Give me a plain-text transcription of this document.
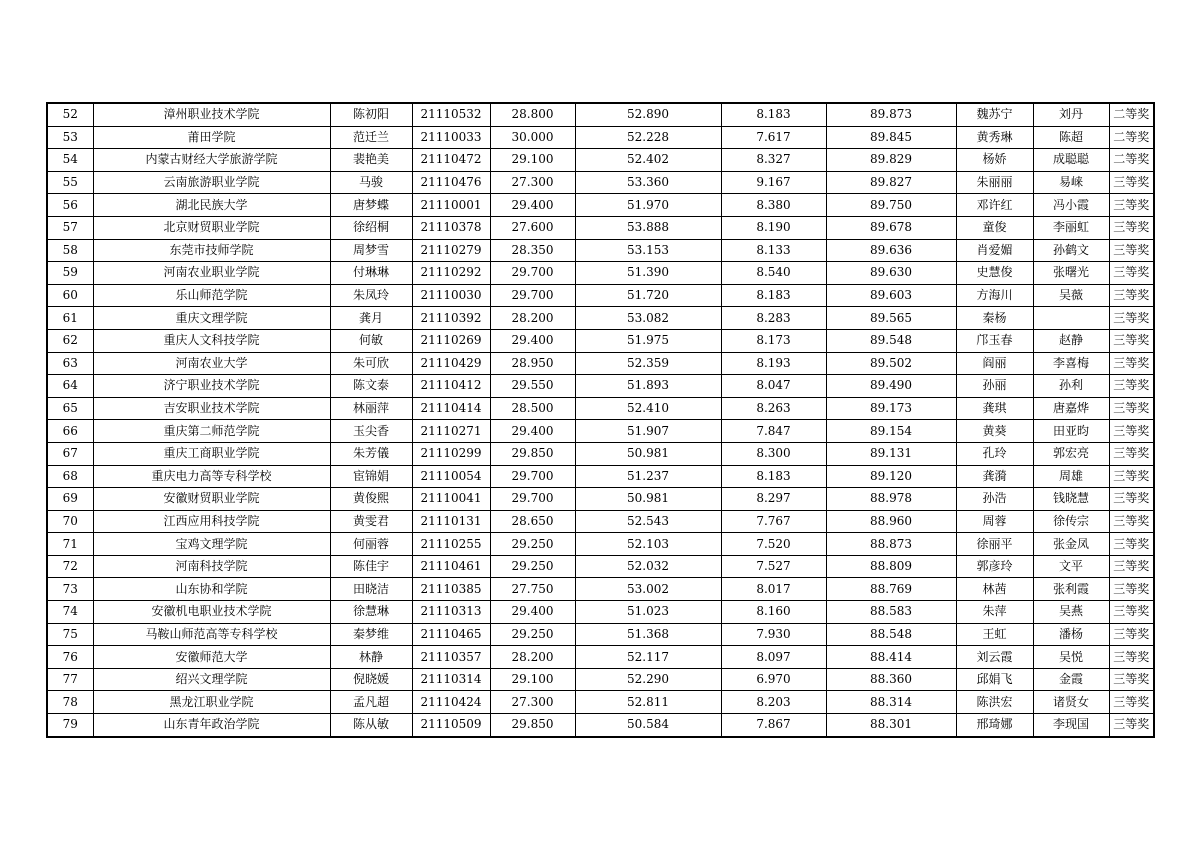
52	漳州职业技术学院	陈初阳	21110532	28.800	52.890	8.183	89.873	魏苏宁	刘丹	二等奖
53	莆田学院	范迁兰	21110033	30.000	52.228	7.617	89.845	黄秀琳	陈超	二等奖
54	内蒙古财经大学旅游学院	裴艳美	21110472	29.100	52.402	8.327	89.829	杨娇	成聪聪	二等奖
55	云南旅游职业学院	马骏	21110476	27.300	53.360	9.167	89.827	朱丽丽	易崃	三等奖
56	湖北民族大学	唐梦蝶	21110001	29.400	51.970	8.380	89.750	邓许红	冯小霞	三等奖
57	北京财贸职业学院	徐绍桐	21110378	27.600	53.888	8.190	89.678	童俊	李丽虹	三等奖
58	东莞市技师学院	周梦雪	21110279	28.350	53.153	8.133	89.636	肖爱媚	孙鹤文	三等奖
59	河南农业职业学院	付琳琳	21110292	29.700	51.390	8.540	89.630	史慧俊	张曙光	三等奖
60	乐山师范学院	朱凤玲	21110030	29.700	51.720	8.183	89.603	方海川	吴薇	三等奖
61	重庆文理学院	龚月	21110392	28.200	53.082	8.283	89.565	秦杨		三等奖
62	重庆人文科技学院	何敏	21110269	29.400	51.975	8.173	89.548	邝玉春	赵静	三等奖
63	河南农业大学	朱可欣	21110429	28.950	52.359	8.193	89.502	阎丽	李喜梅	三等奖
64	济宁职业技术学院	陈文泰	21110412	29.550	51.893	8.047	89.490	孙丽	孙利	三等奖
65	吉安职业技术学院	林丽萍	21110414	28.500	52.410	8.263	89.173	龚琪	唐嘉烨	三等奖
66	重庆第二师范学院	玉尖香	21110271	29.400	51.907	7.847	89.154	黄葵	田亚昀	三等奖
67	重庆工商职业学院	朱芳儀	21110299	29.850	50.981	8.300	89.131	孔玲	郭宏亮	三等奖
68	重庆电力高等专科学校	宦锦娟	21110054	29.700	51.237	8.183	89.120	龚漪	周雄	三等奖
69	安徽财贸职业学院	黄俊熙	21110041	29.700	50.981	8.297	88.978	孙浩	钱晓慧	三等奖
70	江西应用科技学院	黄雯君	21110131	28.650	52.543	7.767	88.960	周蓉	徐传宗	三等奖
71	宝鸡文理学院	何丽蓉	21110255	29.250	52.103	7.520	88.873	徐丽平	张金凤	三等奖
72	河南科技学院	陈佳宇	21110461	29.250	52.032	7.527	88.809	郭彦玲	文平	三等奖
73	山东协和学院	田晓洁	21110385	27.750	53.002	8.017	88.769	林茜	张利霞	三等奖
74	安徽机电职业技术学院	徐慧琳	21110313	29.400	51.023	8.160	88.583	朱萍	吴燕	三等奖
75	马鞍山师范高等专科学校	秦梦维	21110465	29.250	51.368	7.930	88.548	王虹	潘杨	三等奖
76	安徽师范大学	林静	21110357	28.200	52.117	8.097	88.414	刘云霞	吴悦	三等奖
77	绍兴文理学院	倪晓媛	21110314	29.100	52.290	6.970	88.360	邱娟飞	金霞	三等奖
78	黑龙江职业学院	孟凡超	21110424	27.300	52.811	8.203	88.314	陈洪宏	诸贤女	三等奖
79	山东青年政治学院	陈从敏	21110509	29.850	50.584	7.867	88.301	邢琦娜	李现国	三等奖
